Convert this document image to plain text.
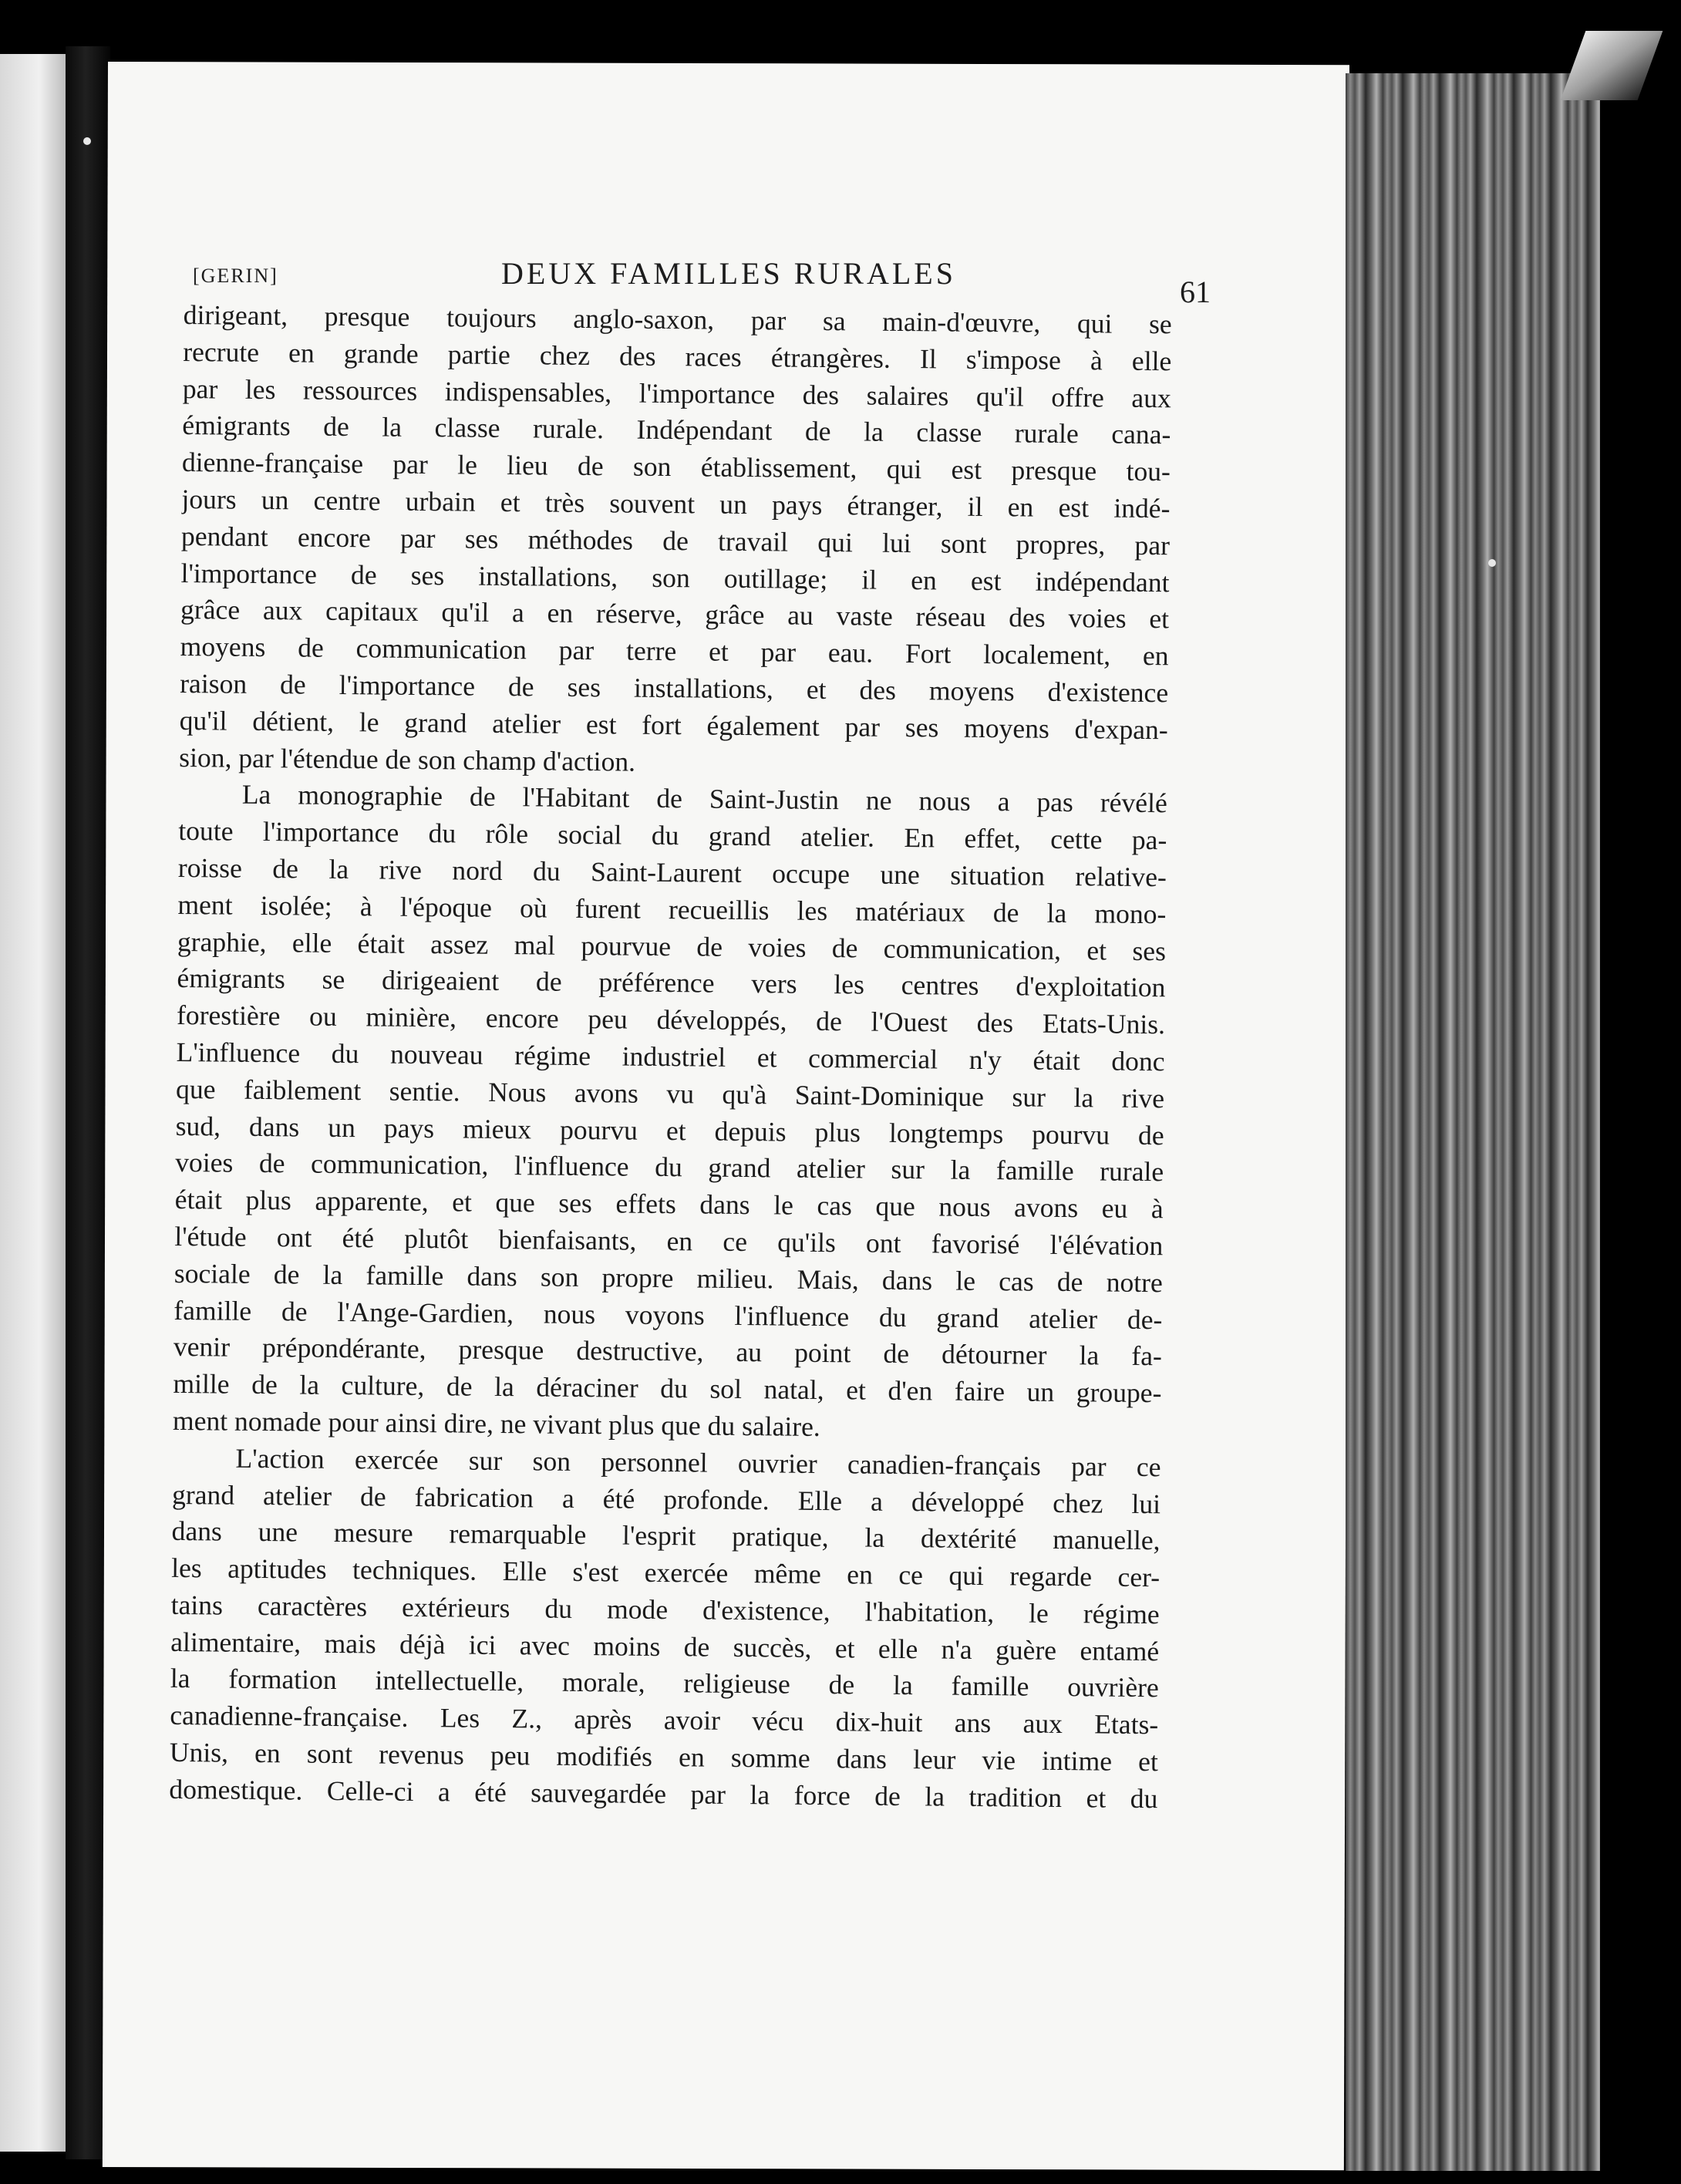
[GERIN]	DEUX FAMILLES RURALES
61

dirigeant, presque toujours anglo-saxon, par sa main-d'œuvre, qui se

recrute en grande partie chez des races étrangères. Il s'impose à elle

par les ressources indispensables, l'importance des salaires qu'il offre aux

émigrants de la classe rurale. Indépendant de la classe rurale cana-

dienne-française par le lieu de son établissement, qui est presque tou-

jours un centre urbain et très souvent un pays étranger, il en est indé-

pendant encore par ses méthodes de travail qui lui sont propres, par

l'importance de ses installations, son outillage; il en est indépendant

grâce aux capitaux qu'il a en réserve, grâce au vaste réseau des voies et

moyens de communication par terre et par eau. Fort localement, en

raison de l'importance de ses installations, et des moyens d'existence

qu'il détient, le grand atelier est fort également par ses moyens d'expan-

sion, par l'étendue de son champ d'action.

La monographie de l'Habitant de Saint-Justin ne nous a pas révélé

toute l'importance du rôle social du grand atelier. En effet, cette pa-

roisse de la rive nord du Saint-Laurent occupe une situation relative-

ment isolée; à l'époque où furent recueillis les matériaux de la mono-

graphie, elle était assez mal pourvue de voies de communication, et ses

émigrants se dirigeaient de préférence vers les centres d'exploitation

forestière ou minière, encore peu développés, de l'Ouest des Etats-Unis.

L'influence du nouveau régime industriel et commercial n'y était donc

que faiblement sentie. Nous avons vu qu'à Saint-Dominique sur la rive

sud, dans un pays mieux pourvu et depuis plus longtemps pourvu de

voies de communication, l'influence du grand atelier sur la famille rurale

était plus apparente, et que ses effets dans le cas que nous avons eu à

l'étude ont été plutôt bienfaisants, en ce qu'ils ont favorisé l'élévation

sociale de la famille dans son propre milieu. Mais, dans le cas de notre

famille de l'Ange-Gardien, nous voyons l'influence du grand atelier de-

venir prépondérante, presque destructive, au point de détourner la fa-

mille de la culture, de la déraciner du sol natal, et d'en faire un groupe-

ment nomade pour ainsi dire, ne vivant plus que du salaire.

L'action exercée sur son personnel ouvrier canadien-français par ce

grand atelier de fabrication a été profonde. Elle a développé chez lui

dans une mesure remarquable l'esprit pratique, la dextérité manuelle,

les aptitudes techniques. Elle s'est exercée même en ce qui regarde cer-

tains caractères extérieurs du mode d'existence, l'habitation, le régime

alimentaire, mais déjà ici avec moins de succès, et elle n'a guère entamé

la formation intellectuelle, morale, religieuse de la famille ouvrière

canadienne-française. Les Z., après avoir vécu dix-huit ans aux Etats-

Unis, en sont revenus peu modifiés en somme dans leur vie intime et

domestique. Celle-ci a été sauvegardée par la force de la tradition et du
